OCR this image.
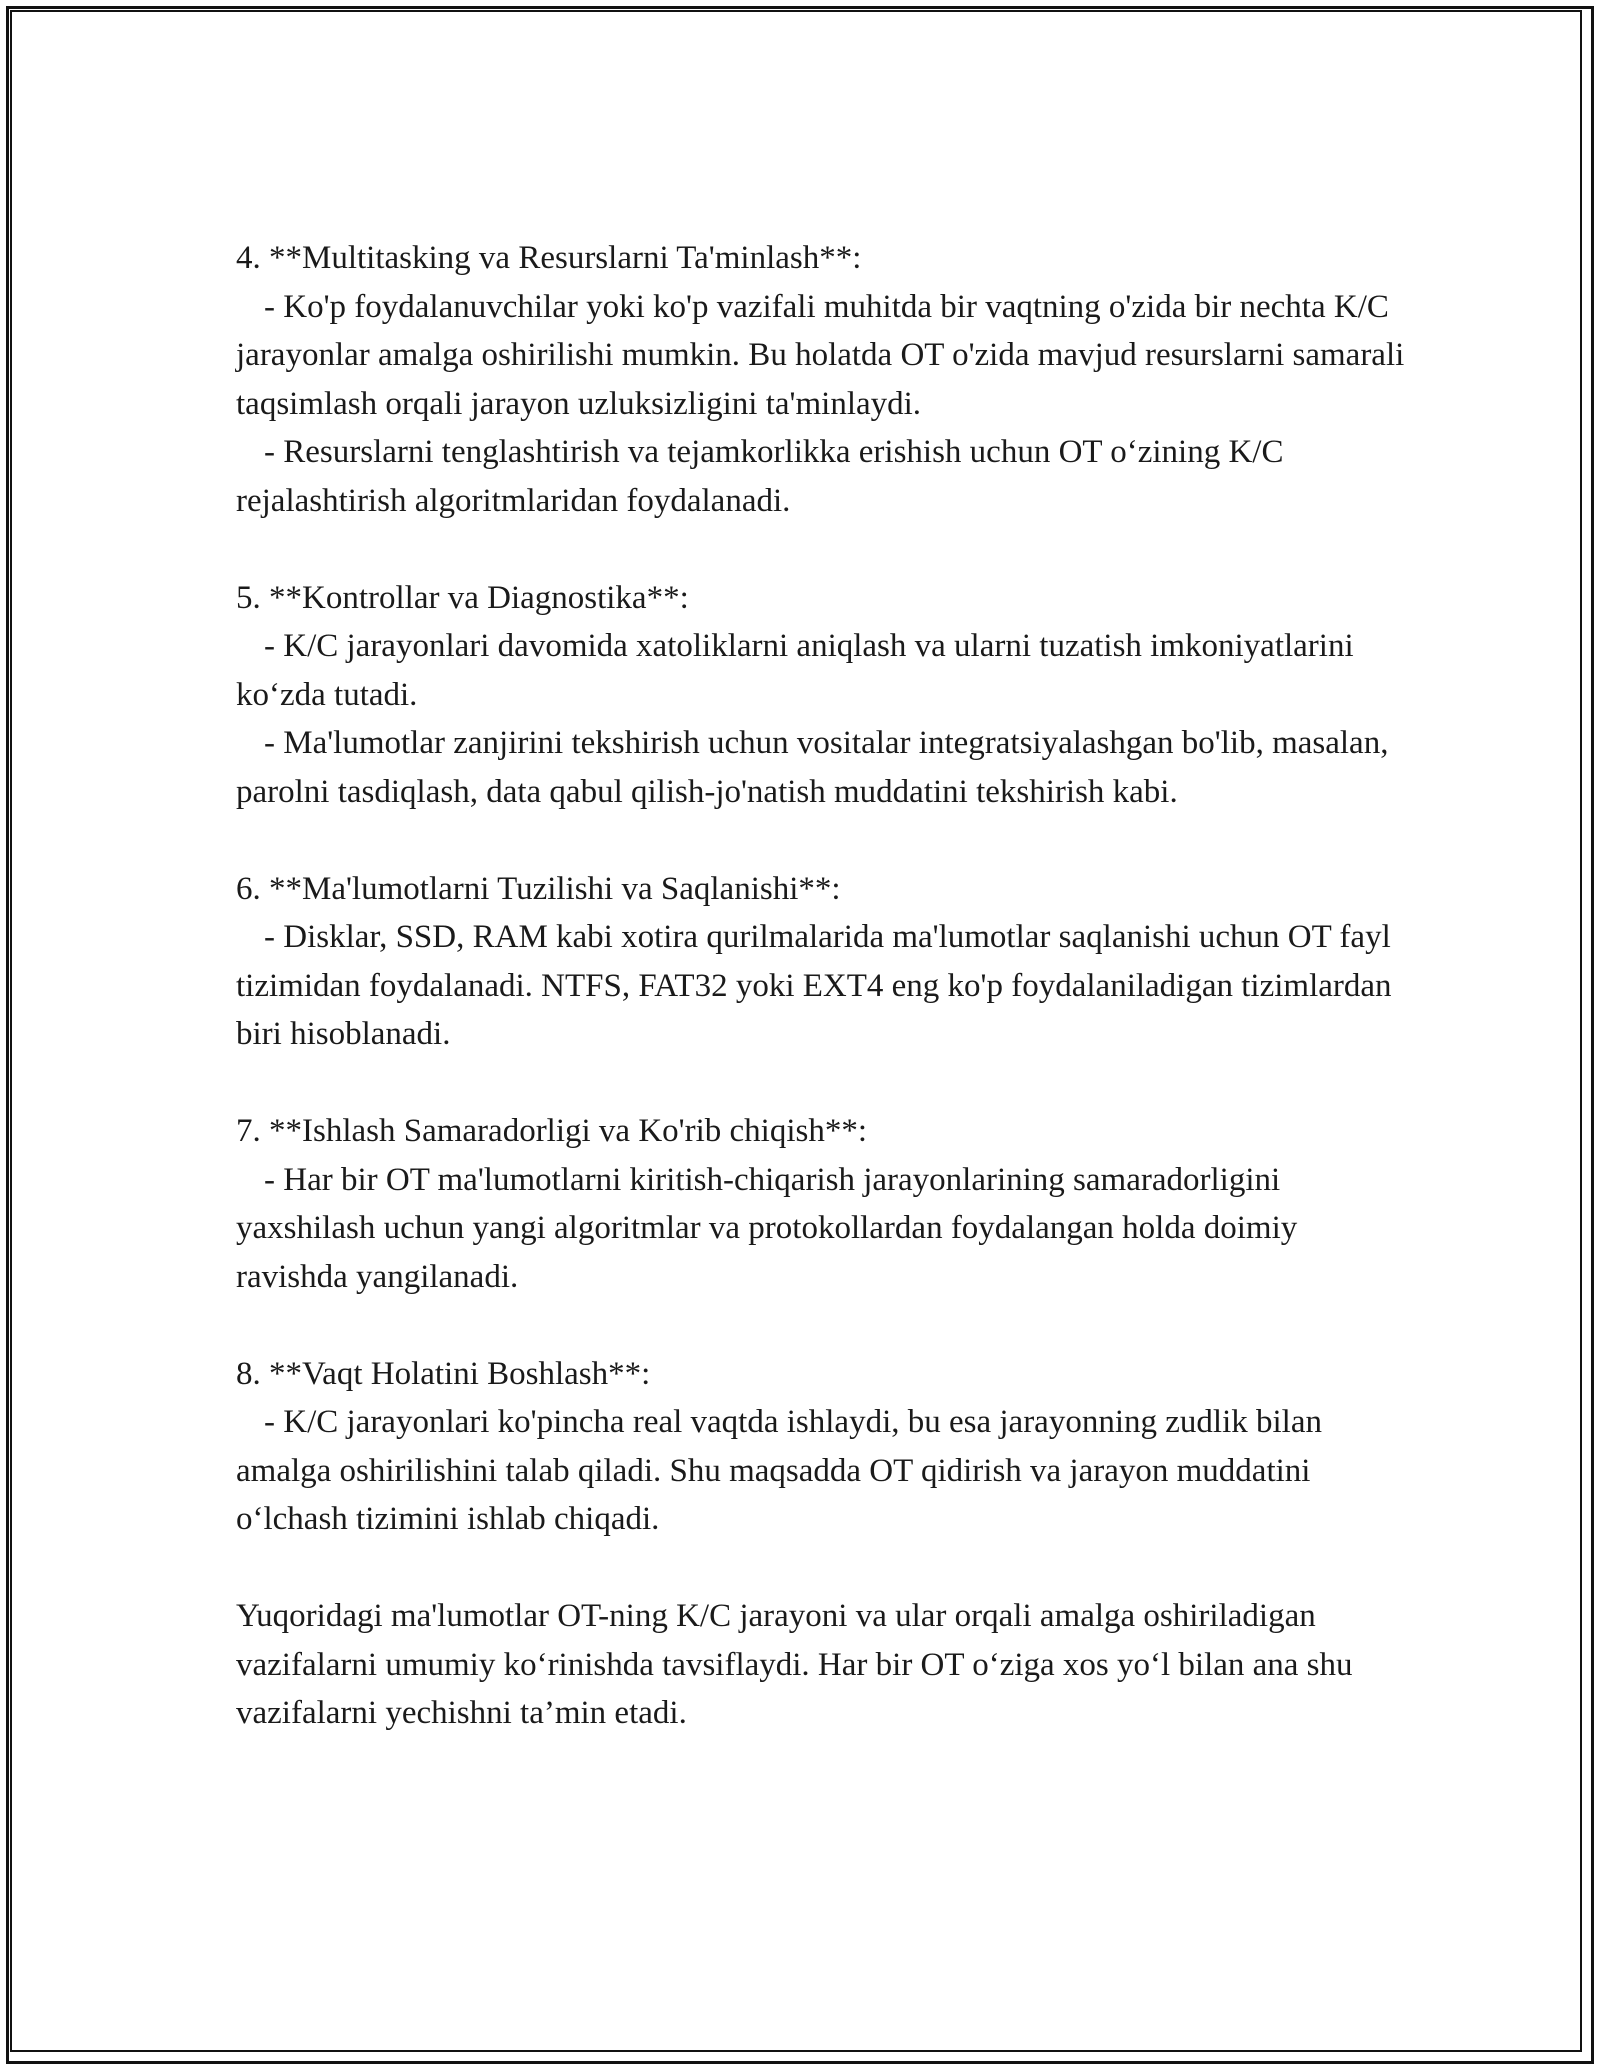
4. **Multitasking va Resurslarni Ta'minlash**:

- Ko'p foydalanuvchilar yoki ko'p vazifali muhitda bir vaqtning o'zida bir nechta K/C jarayonlar amalga oshirilishi mumkin. Bu holatda OT o'zida mavjud resurslarni samarali taqsimlash orqali jarayon uzluksizligini ta'minlaydi.

- Resurslarni tenglashtirish va tejamkorlikka erishish uchun OT o‘zining K/C rejalashtirish algoritmlaridan foydalanadi.

5. **Kontrollar va Diagnostika**:

- K/C jarayonlari davomida xatoliklarni aniqlash va ularni tuzatish imkoniyatlarini ko‘zda tutadi.

- Ma'lumotlar zanjirini tekshirish uchun vositalar integratsiyalashgan bo'lib, masalan, parolni tasdiqlash, data qabul qilish-jo'natish muddatini tekshirish kabi.

6. **Ma'lumotlarni Tuzilishi va Saqlanishi**:

- Disklar, SSD, RAM kabi xotira qurilmalarida ma'lumotlar saqlanishi uchun OT fayl tizimidan foydalanadi. NTFS, FAT32 yoki EXT4 eng ko'p foydalaniladigan tizimlardan biri hisoblanadi.

7. **Ishlash Samaradorligi va Ko'rib chiqish**:

- Har bir OT ma'lumotlarni kiritish-chiqarish jarayonlarining samaradorligini yaxshilash uchun yangi algoritmlar va protokollardan foydalangan holda doimiy ravishda yangilanadi.

8. **Vaqt Holatini Boshlash**:

- K/C jarayonlari ko'pincha real vaqtda ishlaydi, bu esa jarayonning zudlik bilan amalga oshirilishini talab qiladi. Shu maqsadda OT qidirish va jarayon muddatini o‘lchash tizimini ishlab chiqadi.

Yuqoridagi ma'lumotlar OT-ning K/C jarayoni va ular orqali amalga oshiriladigan vazifalarni umumiy ko‘rinishda tavsiflaydi. Har bir OT o‘ziga xos yo‘l bilan ana shu vazifalarni yechishni ta’min etadi.
